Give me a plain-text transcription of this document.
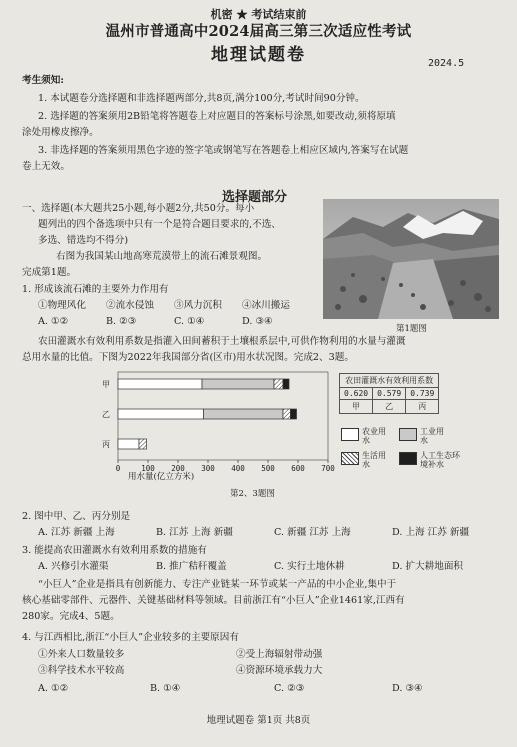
机密 ★ 考试结束前
温州市普通高中2024届高三第三次适应性考试
地理试题卷	2024.5
考生须知:
1. 本试题卷分选择题和非选择题两部分,共8页,满分100分,考试时间90分钟。
2. 选择题的答案须用2B铅笔将答题卷上对应题目的答案标号涂黑,如要改动,须将原填
涂处用橡皮擦净。
3. 非选择题的答案须用黑色字迹的签字笔或钢笔写在答题卷上相应区域内,答案写在试题
卷上无效。
选择题部分
一、选择题(本大题共25小题,每小题2分,共50分。每小
题列出的四个备选项中只有一个是符合题目要求的,不选、
多选、错选均不得分)
右图为我国某山地高寒荒漠带上的流石滩景观图。
完成第1题。
第1题图
1. 形成该流石滩的主要外力作用有
①物理风化 ②流水侵蚀 ③风力沉积 ④冰川搬运
A. ①②	B. ②③	C. ①④	D. ③④
农田灌溉水有效利用系数是指灌入田间蓄积于土壤根系层中,可供作物利用的水量与灌溉
总用水量的比值。下图为2022年我国部分省(区市)用水状况图。完成2、3题。
0	100 200 300 400 500 600 700
甲
乙
丙
用水量(亿立方米)
农田灌溉水有效利用系数		
0.620	0.579	0.739
甲	乙	丙
农业用水
工业用水
生活用水
人工生态环境补水
第2、3题图
2. 图中甲、乙、丙分别是
A. 江苏 新疆 上海	B. 江苏 上海 新疆	C. 新疆 江苏 上海	D. 上海 江苏 新疆
3. 能提高农田灌溉水有效利用系数的措施有
A. 兴修引水灌渠	B. 推广秸秆覆盖	C. 实行土地休耕	D. 扩大耕地面积
“小巨人”企业是指具有创新能力、专注产业链某一环节或某一产品的中小企业,集中于
核心基础零部件、元器件、关键基础材料等领域。目前浙江有“小巨人”企业1461家,江西有
280家。完成4、5题。
4. 与江西相比,浙江“小巨人”企业较多的主要原因有
①外来人口数量较多	②受上海辐射带动强
③科学技术水平较高	④资源环境承载力大
A. ①②	B. ①④	C. ②③	D. ③④
地理试题卷 第1页 共8页
